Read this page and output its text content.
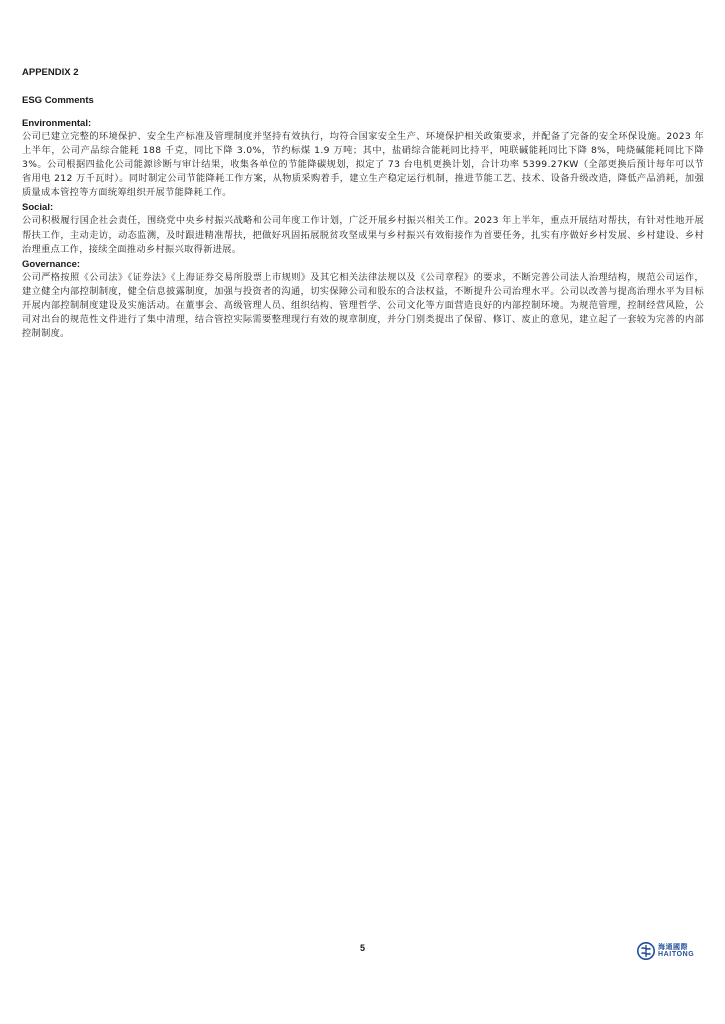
APPENDIX 2
ESG Comments
Environmental:

公司已建立完整的环境保护、安全生产标准及管理制度并坚持有效执行，均符合国家安全生产、环境保护相关政策要求，并配备了完备的安全环保设施。2023 年上半年，公司产品综合能耗 188 千克，同比下降 3.0%，节约标煤 1.9 万吨；其中，盐硝综合能耗同比持平，吨联碱能耗同比下降 8%，吨烧碱能耗同比下降 3%。公司根据四盐化公司能源诊断与审计结果，收集各单位的节能降碳规划，拟定了 73 台电机更换计划，合计功率 5399.27KW（全部更换后预计每年可以节省用电 212 万千瓦时）。同时制定公司节能降耗工作方案，从物质采购着手，建立生产稳定运行机制，推进节能工艺、技术、设备升级改造，降低产品消耗，加强质量成本管控等方面统筹组织开展节能降耗工作。

Social:

公司积极履行国企社会责任，围绕党中央乡村振兴战略和公司年度工作计划，广泛开展乡村振兴相关工作。2023 年上半年，重点开展结对帮扶，有针对性地开展帮扶工作，主动走访，动态监测，及时跟进精准帮扶，把做好巩固拓展脱贫攻坚成果与乡村振兴有效衔接作为首要任务，扎实有序做好乡村发展、乡村建设、乡村治理重点工作，接续全面推动乡村振兴取得新进展。

Governance:

公司严格按照《公司法》《证券法》《上海证券交易所股票上市规则》及其它相关法律法规以及《公司章程》的要求，不断完善公司法人治理结构，规范公司运作，建立健全内部控制制度，健全信息披露制度，加强与投资者的沟通，切实保障公司和股东的合法权益，不断提升公司治理水平。公司以改善与提高治理水平为目标开展内部控制制度建设及实施活动。在董事会、高级管理人员、组织结构、管理哲学、公司文化等方面营造良好的内部控制环境。为规范管理，控制经营风险，公司对出台的规范性文件进行了集中清理，结合管控实际需要整理现行有效的规章制度，并分门别类提出了保留、修订、废止的意见，建立起了一套较为完善的内部控制制度。

5	海通國際
HAITONG
